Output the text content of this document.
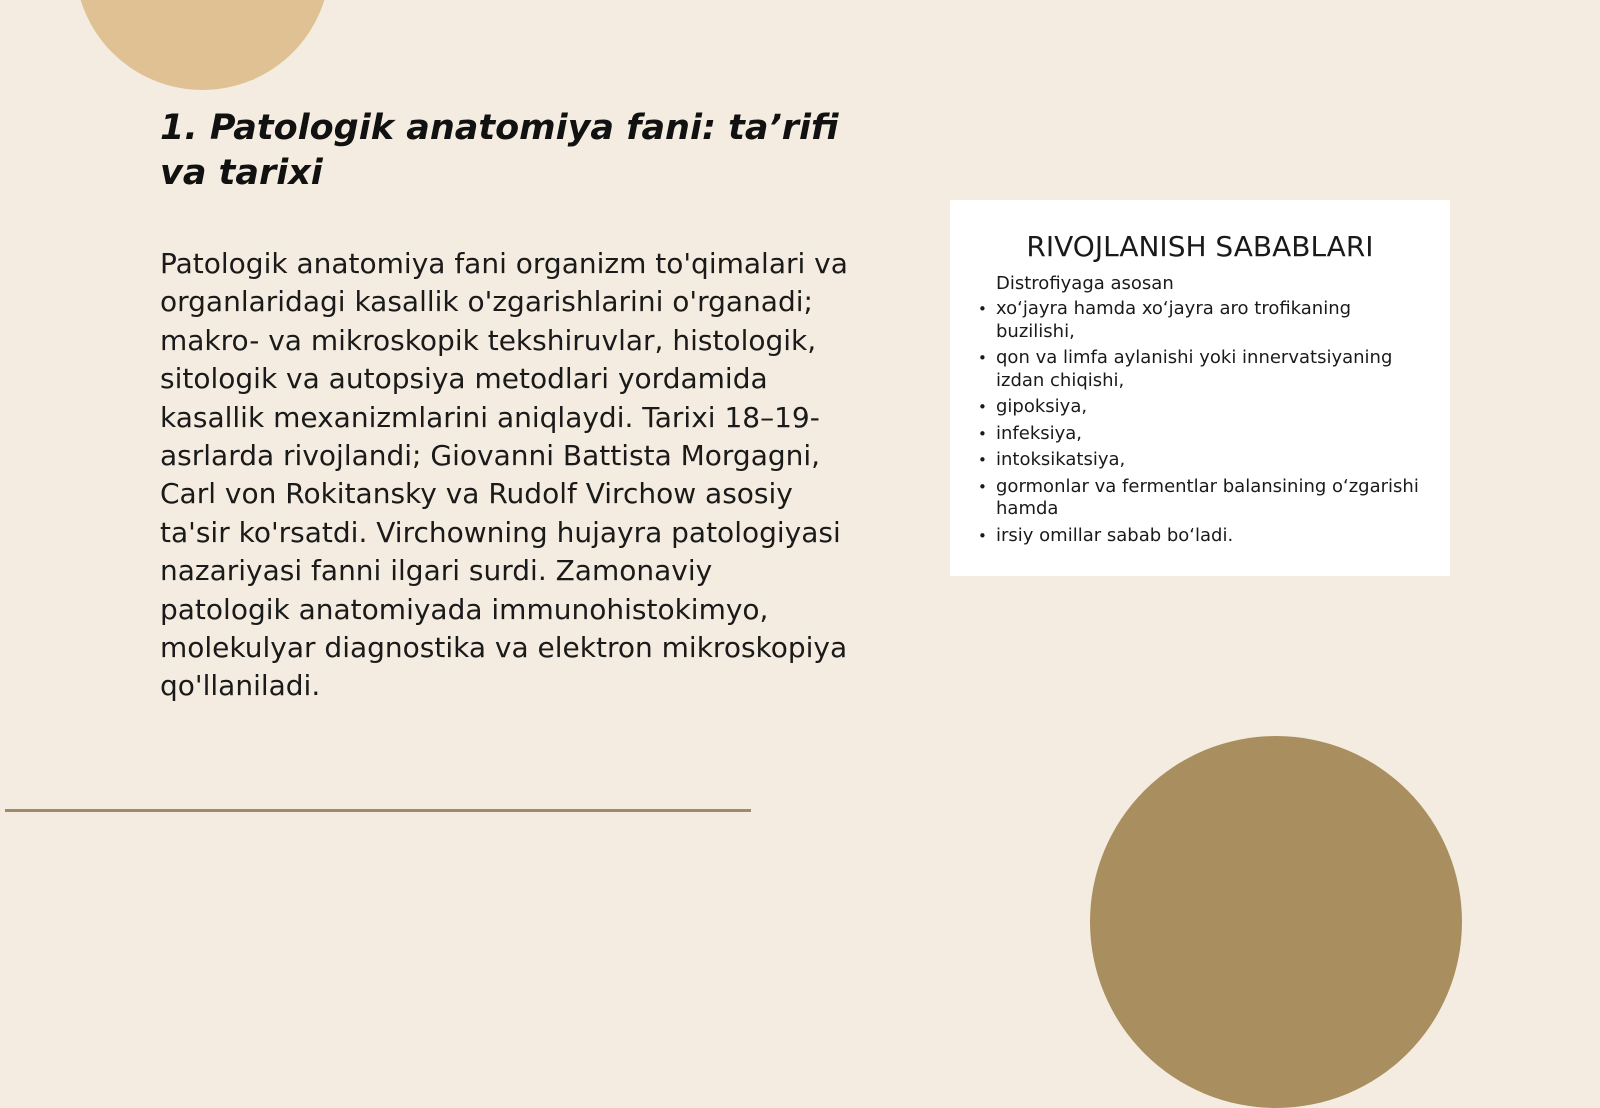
1. Patologik anatomiya fani: ta’rifi va tarixi

Patologik anatomiya fani organizm to'qimalari va organlaridagi kasallik o'zgarishlarini o'rganadi; makro- va mikroskopik tekshiruvlar, histologik, sitologik va autopsiya metodlari yordamida kasallik mexanizmlarini aniqlaydi. Tarixi 18–19-asrlarda rivojlandi; Giovanni Battista Morgagni, Carl von Rokitansky va Rudolf Virchow asosiy ta'sir ko'rsatdi. Virchowning hujayra patologiyasi nazariyasi fanni ilgari surdi. Zamonaviy patologik anatomiyada immunohistokimyo, molekulyar diagnostika va elektron mikroskopiya qo'llaniladi.

RIVOJLANISH SABABLARI
Distrofiyaga asosan
• xo‘jayra hamda xo‘jayra aro trofikaning buzilishi,
• qon va limfa aylanishi yoki innervatsiyaning izdan chiqishi,
• gipoksiya,
• infeksiya,
• intoksikatsiya,
• gormonlar va fermentlar balansining o‘zgarishi hamda
• irsiy omillar sabab bo‘ladi.
